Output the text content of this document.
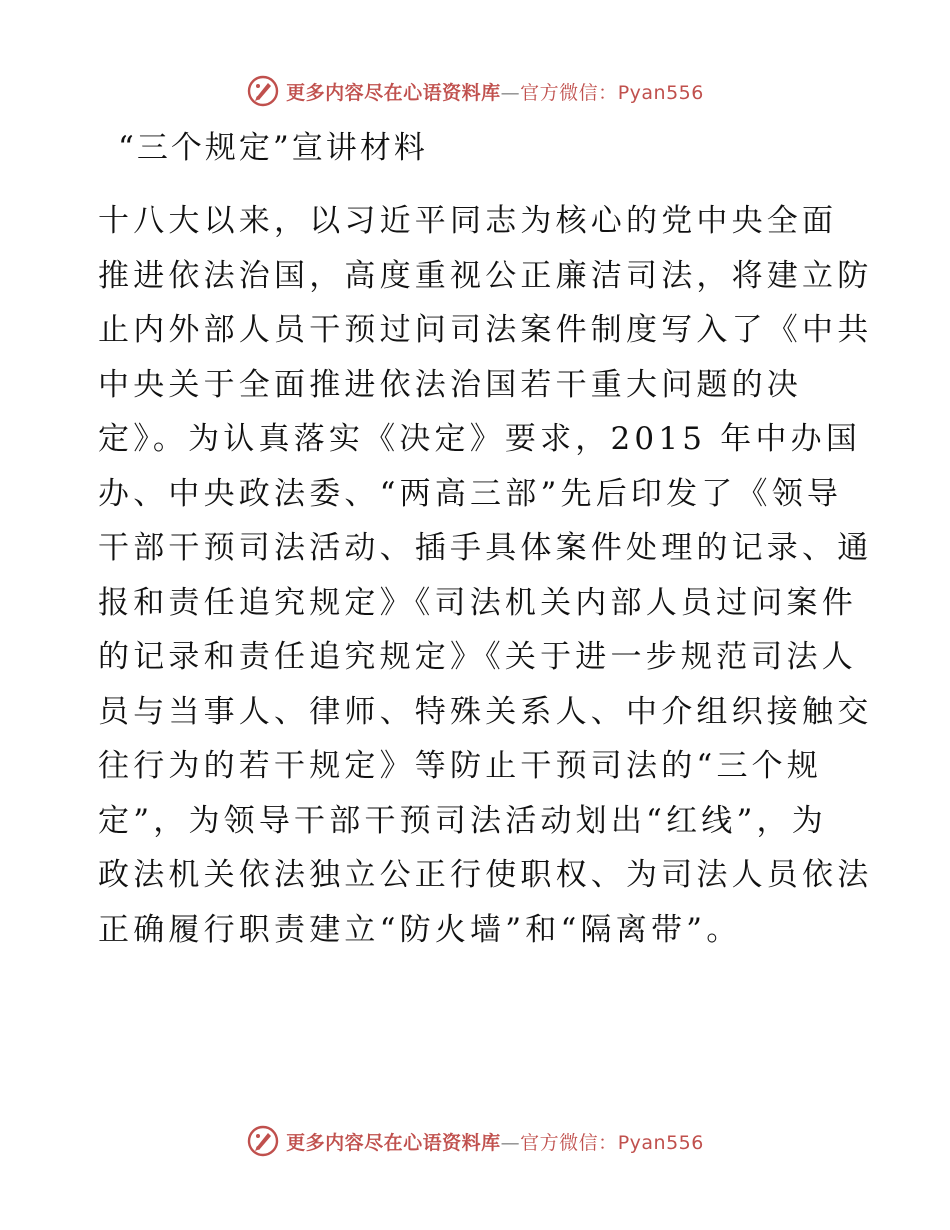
更多内容尽在心语资料库—官方微信：Pyan556
“三个规定”宣讲材料

十八大以来，以习近平同志为核心的党中央全面
推进依法治国，高度重视公正廉洁司法，将建立防
止内外部人员干预过问司法案件制度写入了《中共
中央关于全面推进依法治国若干重大问题的决
定》。为认真落实《决定》要求，2015 年中办国
办、中央政法委、“两高三部”先后印发了《领导
干部干预司法活动、插手具体案件处理的记录、通
报和责任追究规定》《司法机关内部人员过问案件
的记录和责任追究规定》《关于进一步规范司法人
员与当事人、律师、特殊关系人、中介组织接触交
往行为的若干规定》等防止干预司法的“三个规
定”，为领导干部干预司法活动划出“红线”，为
政法机关依法独立公正行使职权、为司法人员依法
正确履行职责建立“防火墙”和“隔离带”。

更多内容尽在心语资料库—官方微信：Pyan556
